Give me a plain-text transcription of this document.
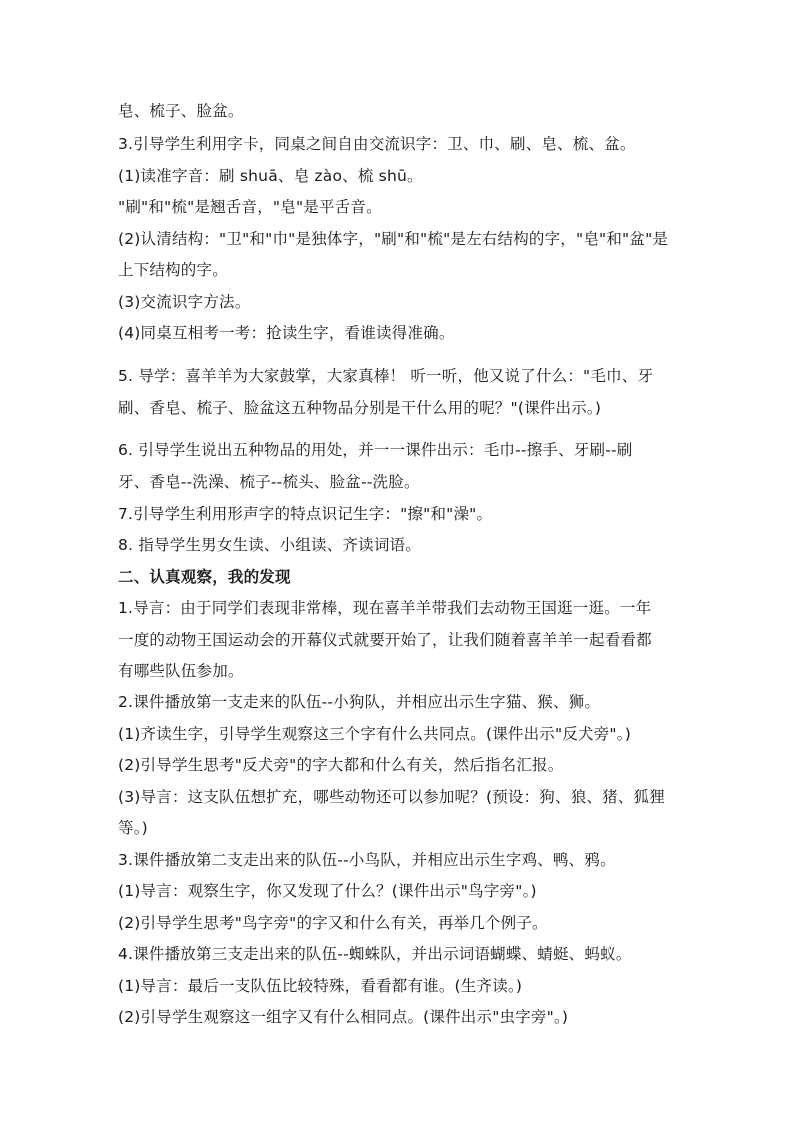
皂、梳子、脸盆。
3.引导学生利用字卡，同桌之间自由交流识字：卫、巾、刷、皂、梳、盆。
(1)读准字音：刷 shuā、皂 zào、梳 shū。
"刷"和"梳"是翘舌音，"皂"是平舌音。
(2)认清结构："卫"和"巾"是独体字，"刷"和"梳"是左右结构的字，"皂"和"盆"是
上下结构的字。
(3)交流识字方法。
(4)同桌互相考一考：抢读生字，看谁读得准确。
5. 导学：喜羊羊为大家鼓掌，大家真棒！ 听一听，他又说了什么："毛巾、牙
刷、香皂、梳子、脸盆这五种物品分别是干什么用的呢？"(课件出示。)
6. 引导学生说出五种物品的用处，并一一课件出示：毛巾--擦手、牙刷--刷
牙、香皂--洗澡、梳子--梳头、脸盆--洗脸。
7.引导学生利用形声字的特点识记生字："擦"和"澡"。
8. 指导学生男女生读、小组读、齐读词语。
二、认真观察，我的发现
1.导言：由于同学们表现非常棒，现在喜羊羊带我们去动物王国逛一逛。一年
一度的动物王国运动会的开幕仪式就要开始了，让我们随着喜羊羊一起看看都
有哪些队伍参加。
2.课件播放第一支走来的队伍--小狗队，并相应出示生字猫、猴、狮。
(1)齐读生字，引导学生观察这三个字有什么共同点。(课件出示"反犬旁"。)
(2)引导学生思考"反犬旁"的字大都和什么有关，然后指名汇报。
(3)导言：这支队伍想扩充，哪些动物还可以参加呢？(预设：狗、狼、猪、狐狸
等。)
3.课件播放第二支走出来的队伍--小鸟队，并相应出示生字鸡、鸭、鸦。
(1)导言：观察生字，你又发现了什么？(课件出示"鸟字旁"。)
(2)引导学生思考"鸟字旁"的字又和什么有关，再举几个例子。
4.课件播放第三支走出来的队伍--蜘蛛队，并出示词语蝴蝶、蜻蜓、蚂蚁。
(1)导言：最后一支队伍比较特殊，看看都有谁。(生齐读。)
(2)引导学生观察这一组字又有什么相同点。(课件出示"虫字旁"。)
